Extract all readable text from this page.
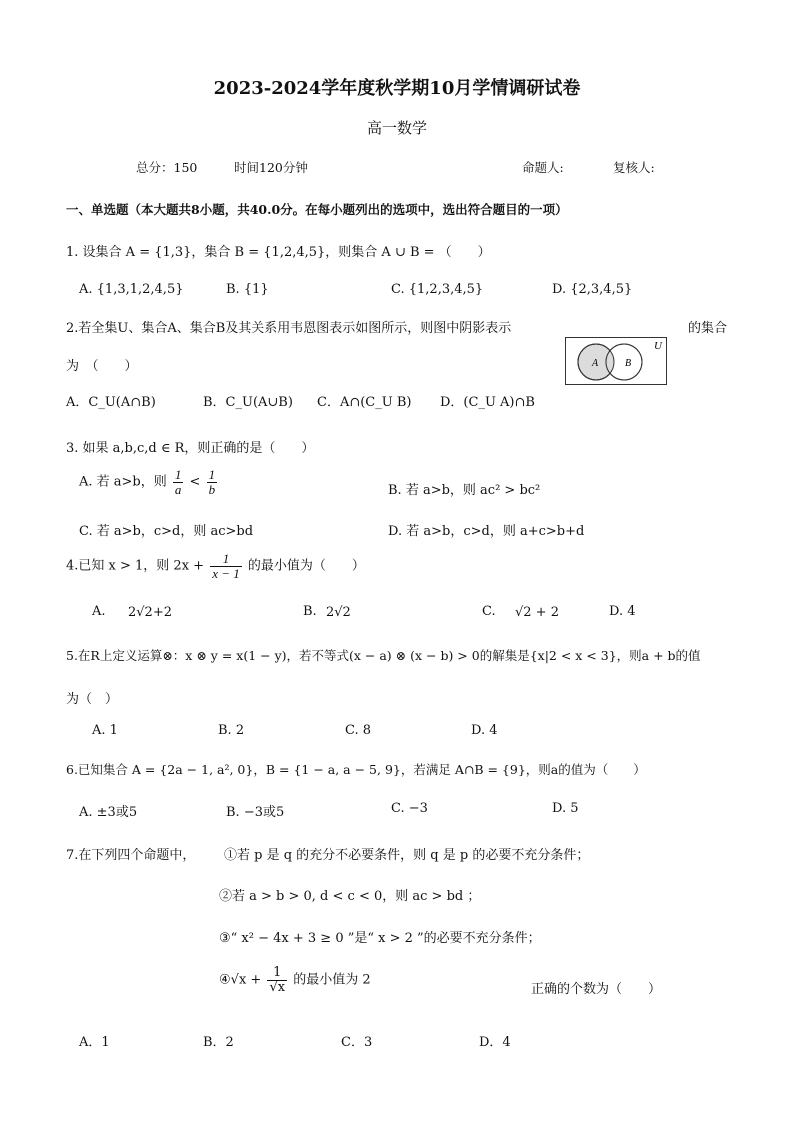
2023-2024学年度秋学期10月学情调研试卷
高一数学
总分：150	时间120分钟	命题人:	复核人:
一、单选题（本大题共8小题，共40.0分。在每小题列出的选项中，选出符合题目的一项）
1. 设集合 A = {1,3}，集合 B = {1,2,4,5}，则集合 A ∪ B = （　　）
A. {1,3,1,2,4,5}	B. {1}	C. {1,2,3,4,5}	D. {2,3,4,5}
2.若全集U、集合A、集合B及其关系用韦恩图表示如图所示，则图中阴影表示	的集合
为　（　　）	A	B
U
A．C_U(A∩B)	B．C_U(A∪B) C．A∩(C_U B) D．(C_U A)∩B
3. 如果 a,b,c,d ∈ R，则正确的是（　　）
A. 若 a>b，则 $\frac{1}{a} < \frac{1}{b}$	B. 若 a>b，则 ac² > bc²
C. 若 a>b，c>d，则 ac>bd	D. 若 a>b，c>d，则 a+c>b+d
4.已知 x > 1，则 $2x + \frac{1}{x - 1}$ 的最小值为（　　）
A. 2√2+2	B. 2√2	C. √2 + 2	D. 4
5.在R上定义运算⊗：x ⊗ y = x(1 − y)，若不等式(x − a) ⊗ (x − b) > 0的解集是{x|2 < x < 3}，则a + b的值
为（　）
A. 1	B. 2	C. 8	D. 4
6.已知集合 A = {2a − 1, a², 0}，B = {1 − a, a − 5, 9}，若满足 A∩B = {9}，则a的值为（　　）
A. ±3或5	B. −3或5	C. −3	D. 5
7.在下列四个命题中， ①若 p 是 q 的充分不必要条件，则 q 是 p 的必要不充分条件；
②若 a > b > 0, d < c < 0，则 ac > bd ；
③“ x² − 4x + 3 ≥ 0 ”是“ x > 2 ”的必要不充分条件；
④√x + $\frac{1}{√x}$ 的最小值为 2
正确的个数为（　　）
A．1	B．2	C．3	D．4
